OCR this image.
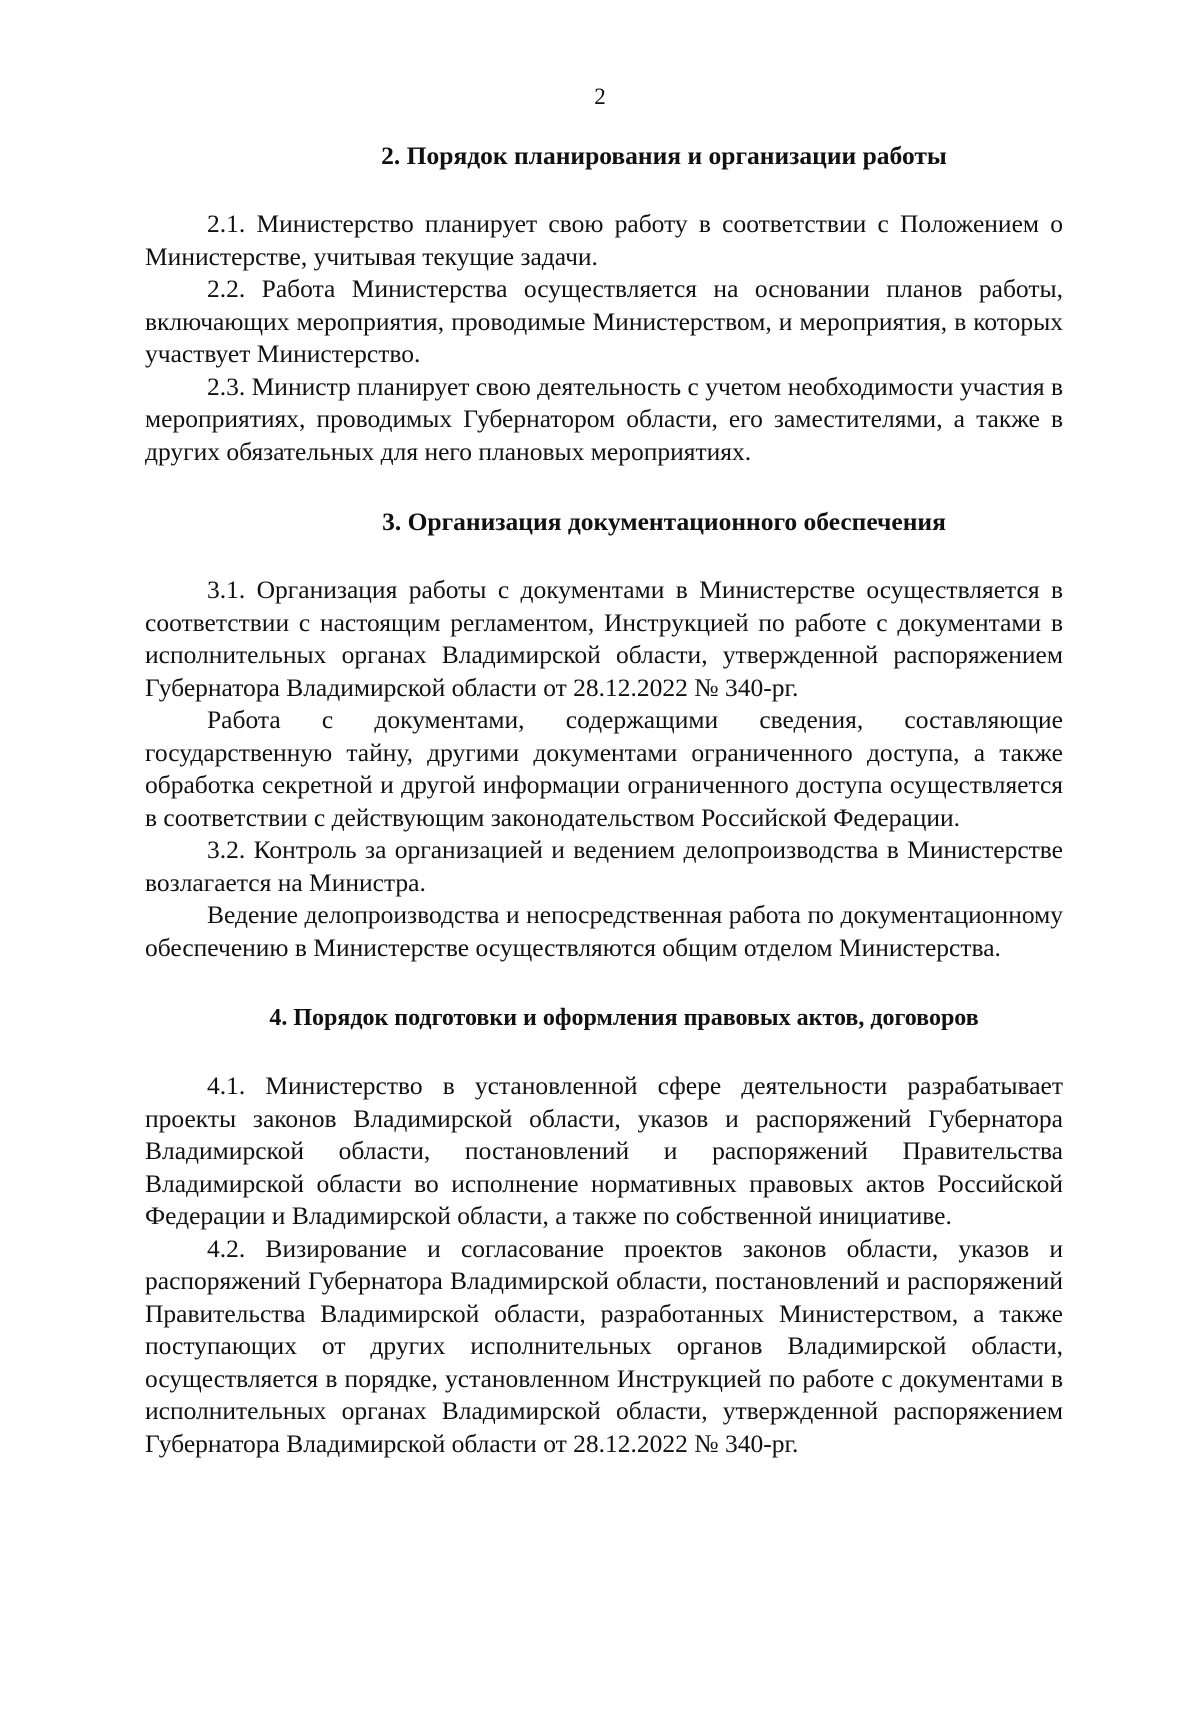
2
2. Порядок планирования и организации работы

2.1. Министерство планирует свою работу в соответствии с Положением о Министерстве, учитывая текущие задачи.

2.2. Работа Министерства осуществляется на основании планов работы, включающих мероприятия, проводимые Министерством, и мероприятия, в которых участвует Министерство.

2.3. Министр планирует свою деятельность с учетом необходимости участия в мероприятиях, проводимых Губернатором области, его заместителями, а также в других обязательных для него плановых мероприятиях.

3. Организация документационного обеспечения

3.1. Организация работы с документами в Министерстве осуществляется в соответствии с настоящим регламентом, Инструкцией по работе с документами в исполнительных органах Владимирской области, утвержденной распоряжением Губернатора Владимирской области от 28.12.2022 № 340-рг.

Работа с документами, содержащими сведения, составляющие государственную тайну, другими документами ограниченного доступа, а также обработка секретной и другой информации ограниченного доступа осуществляется в соответствии с действующим законодательством Российской Федерации.

3.2. Контроль за организацией и ведением делопроизводства в Министерстве возлагается на Министра.

Ведение делопроизводства и непосредственная работа по документационному обеспечению в Министерстве осуществляются общим отделом Министерства.

4. Порядок подготовки и оформления правовых актов, договоров

4.1. Министерство в установленной сфере деятельности разрабатывает проекты законов Владимирской области, указов и распоряжений Губернатора Владимирской области, постановлений и распоряжений Правительства Владимирской области во исполнение нормативных правовых актов Российской Федерации и Владимирской области, а также по собственной инициативе.

4.2. Визирование и согласование проектов законов области, указов и распоряжений Губернатора Владимирской области, постановлений и распоряжений Правительства Владимирской области, разработанных Министерством, а также поступающих от других исполнительных органов Владимирской области, осуществляется в порядке, установленном Инструкцией по работе с документами в исполнительных органах Владимирской области, утвержденной распоряжением Губернатора Владимирской области от 28.12.2022 № 340-рг.
